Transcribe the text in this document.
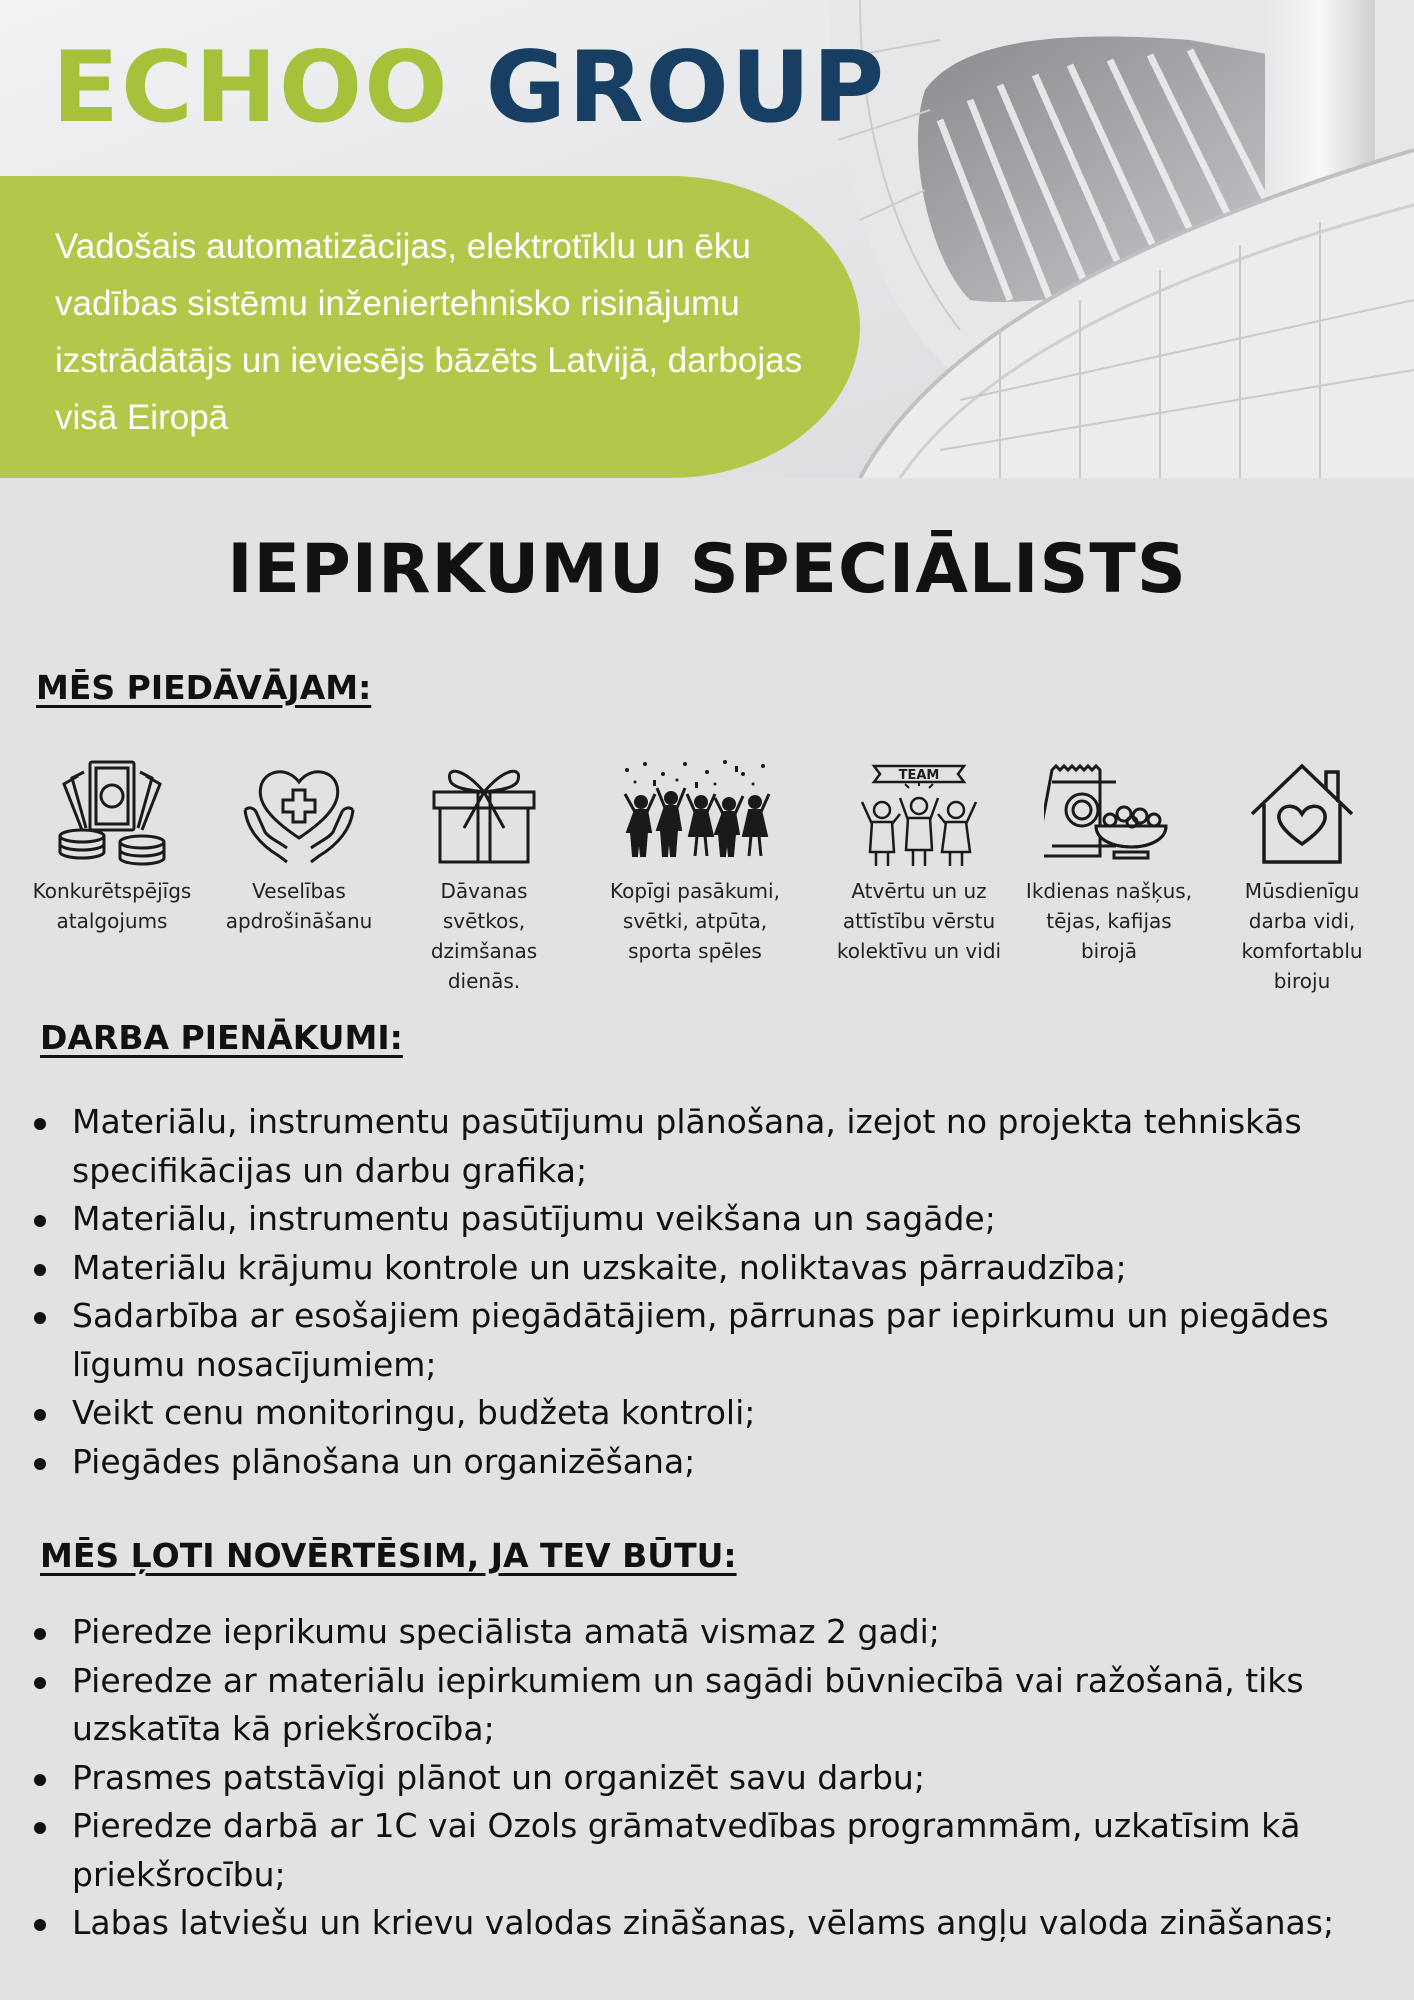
ECHOO GROUP

Vadošais automatizācijas, elektrotīklu un ēku vadības sistēmu inženiertehnisko risinājumu izstrādātājs un ieviesējs bāzēts Latvijā, darbojas visā Eiropā

IEPIRKUMU SPECIĀLISTS
MĒS PIEDĀVĀJAM:
Konkurētspējīgs atalgojums
Veselības apdrošināšanu
Dāvanas svētkos, dzimšanas dienās.
Kopīgi pasākumi, svētki, atpūta, sporta spēles
TEAM
Atvērtu un uz attīstību vērstu kolektīvu un vidi
Ikdienas našķus, tējas, kafijas birojā
Mūsdienīgu darba vidi, komfortablu biroju
DARBA PIENĀKUMI:
Materiālu, instrumentu pasūtījumu plānošana, izejot no projekta tehniskās specifikācijas un darbu grafika;
Materiālu, instrumentu pasūtījumu veikšana un sagāde;
Materiālu krājumu kontrole un uzskaite, noliktavas pārraudzība;
Sadarbība ar esošajiem piegādātājiem, pārrunas par iepirkumu un piegādes līgumu nosacījumiem;
Veikt cenu monitoringu, budžeta kontroli;
Piegādes plānošana un organizēšana;
MĒS ĻOTI NOVĒRTĒSIM, JA TEV BŪTU:
Pieredze ieprikumu speciālista amatā vismaz 2 gadi;
Pieredze ar materiālu iepirkumiem un sagādi būvniecībā vai ražošanā, tiks uzskatīta kā priekšrocība;
Prasmes patstāvīgi plānot un organizēt savu darbu;
Pieredze darbā ar 1C vai Ozols grāmatvedības programmām, uzkatīsim kā priekšrocību;
Labas latviešu un krievu valodas zināšanas, vēlams angļu valoda zināšanas;
